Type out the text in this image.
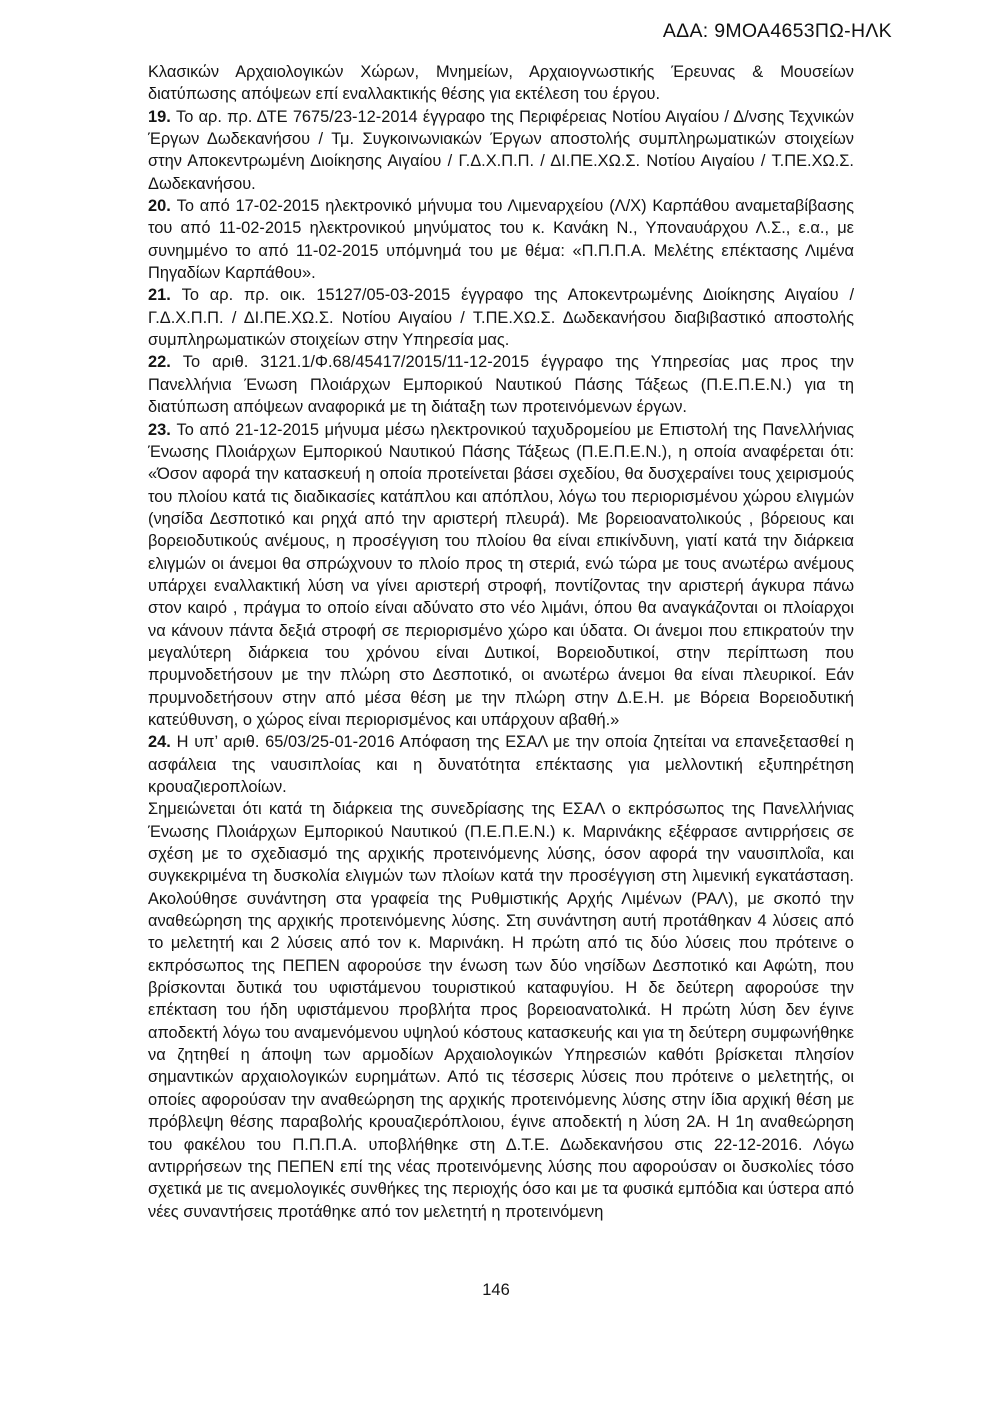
ΑΔΑ: 9ΜΟΑ4653ΠΩ-ΗΛΚ

Κλασικών Αρχαιολογικών Χώρων, Μνημείων, Αρχαιογνωστικής Έρευνας & Μουσείων διατύπωσης απόψεων επί εναλλακτικής θέσης για εκτέλεση του έργου.

19. Το αρ. πρ. ΔΤΕ 7675/23-12-2014 έγγραφο της Περιφέρειας Νοτίου Αιγαίου / Δ/νσης Τεχνικών Έργων Δωδεκανήσου / Τμ. Συγκοινωνιακών Έργων αποστολής συμπληρωματικών στοιχείων στην Αποκεντρωμένη Διοίκησης Αιγαίου / Γ.Δ.Χ.Π.Π. / ΔΙ.ΠΕ.ΧΩ.Σ. Νοτίου Αιγαίου / Τ.ΠΕ.ΧΩ.Σ. Δωδεκανήσου.

20. Το από 17-02-2015 ηλεκτρονικό μήνυμα του Λιμεναρχείου (Λ/Χ) Καρπάθου αναμεταβίβασης του από 11-02-2015 ηλεκτρονικού μηνύματος του κ. Κανάκη Ν., Υποναυάρχου Λ.Σ., ε.α., με συνημμένο το από 11-02-2015 υπόμνημά του με θέμα: «Π.Π.Π.Α. Μελέτης επέκτασης Λιμένα Πηγαδίων Καρπάθου».

21. Το αρ. πρ. οικ. 15127/05-03-2015 έγγραφο της Αποκεντρωμένης Διοίκησης Αιγαίου / Γ.Δ.Χ.Π.Π. / ΔΙ.ΠΕ.ΧΩ.Σ. Νοτίου Αιγαίου / Τ.ΠΕ.ΧΩ.Σ. Δωδεκανήσου διαβιβαστικό αποστολής συμπληρωματικών στοιχείων στην Υπηρεσία μας.

22. Το αριθ. 3121.1/Φ.68/45417/2015/11-12-2015 έγγραφο της Υπηρεσίας μας προς την Πανελλήνια Ένωση Πλοιάρχων Εμπορικού Ναυτικού Πάσης Τάξεως (Π.Ε.Π.Ε.Ν.) για τη διατύπωση απόψεων αναφορικά με τη διάταξη των προτεινόμενων έργων.

23. Το από 21-12-2015 μήνυμα μέσω ηλεκτρονικού ταχυδρομείου με Επιστολή της Πανελλήνιας Ένωσης Πλοιάρχων Εμπορικού Ναυτικού Πάσης Τάξεως (Π.Ε.Π.Ε.Ν.), η οποία αναφέρεται ότι: «Όσον αφορά την κατασκευή η οποία προτείνεται βάσει σχεδίου, θα δυσχεραίνει τους χειρισμούς του πλοίου κατά τις διαδικασίες κατάπλου και απόπλου, λόγω του περιορισμένου χώρου ελιγμών (νησίδα Δεσποτικό και ρηχά από την αριστερή πλευρά). Με βορειοανατολικούς , βόρειους και βορειοδυτικούς ανέμους, η προσέγγιση του πλοίου θα είναι επικίνδυνη, γιατί κατά την διάρκεια ελιγμών οι άνεμοι θα σπρώχνουν το πλοίο προς τη στεριά, ενώ τώρα με τους ανωτέρω ανέμους υπάρχει εναλλακτική λύση να γίνει αριστερή στροφή, ποντίζοντας την αριστερή άγκυρα πάνω στον καιρό , πράγμα το οποίο είναι αδύνατο στο νέο λιμάνι, όπου θα αναγκάζονται οι πλοίαρχοι να κάνουν πάντα δεξιά στροφή σε περιορισμένο χώρο και ύδατα. Οι άνεμοι που επικρατούν την μεγαλύτερη διάρκεια του χρόνου είναι Δυτικοί, Βορειοδυτικοί, στην περίπτωση που πρυμνοδετήσουν με την πλώρη στο Δεσποτικό, οι ανωτέρω άνεμοι θα είναι πλευρικοί. Εάν πρυμνοδετήσουν στην από μέσα θέση με την πλώρη στην Δ.Ε.Η. με Βόρεια Βορειοδυτική κατεύθυνση, ο χώρος είναι περιορισμένος και υπάρχουν αβαθή.»

24. Η υπ’ αριθ. 65/03/25-01-2016 Απόφαση της ΕΣΑΛ με την οποία ζητείται να επανεξετασθεί η ασφάλεια της ναυσιπλοίας και η δυνατότητα επέκτασης για μελλοντική εξυπηρέτηση κρουαζιεροπλοίων.

Σημειώνεται ότι κατά τη διάρκεια της συνεδρίασης της ΕΣΑΛ ο εκπρόσωπος της Πανελλήνιας Ένωσης Πλοιάρχων Εμπορικού Ναυτικού (Π.Ε.Π.Ε.Ν.) κ. Μαρινάκης εξέφρασε αντιρρήσεις σε σχέση με το σχεδιασμό της αρχικής προτεινόμενης λύσης, όσον αφορά την ναυσιπλοΐα, και συγκεκριμένα τη δυσκολία ελιγμών των πλοίων κατά την προσέγγιση στη λιμενική εγκατάσταση. Ακολούθησε συνάντηση στα γραφεία της Ρυθμιστικής Αρχής Λιμένων (ΡΑΛ), με σκοπό την αναθεώρηση της αρχικής προτεινόμενης λύσης. Στη συνάντηση αυτή προτάθηκαν 4 λύσεις από το μελετητή και 2 λύσεις από τον κ. Μαρινάκη. Η πρώτη από τις δύο λύσεις που πρότεινε ο εκπρόσωπος της ΠΕΠΕΝ αφορούσε την ένωση των δύο νησίδων Δεσποτικό και Αφώτη, που βρίσκονται δυτικά του υφιστάμενου τουριστικού καταφυγίου. Η δε δεύτερη αφορούσε την επέκταση του ήδη υφιστάμενου προβλήτα προς βορειοανατολικά. Η πρώτη λύση δεν έγινε αποδεκτή λόγω του αναμενόμενου υψηλού κόστους κατασκευής και για τη δεύτερη συμφωνήθηκε να ζητηθεί η άποψη των αρμοδίων Αρχαιολογικών Υπηρεσιών καθότι βρίσκεται πλησίον σημαντικών αρχαιολογικών ευρημάτων. Από τις τέσσερις λύσεις που πρότεινε ο μελετητής, οι οποίες αφορούσαν την αναθεώρηση της αρχικής προτεινόμενης λύσης στην ίδια αρχική θέση με πρόβλεψη θέσης παραβολής κρουαζιερόπλοιου, έγινε αποδεκτή η λύση 2Α. Η 1η αναθεώρηση του φακέλου του Π.Π.Π.Α. υποβλήθηκε στη Δ.Τ.Ε. Δωδεκανήσου στις 22-12-2016. Λόγω αντιρρήσεων της ΠΕΠΕΝ επί της νέας προτεινόμενης λύσης που αφορούσαν οι δυσκολίες τόσο σχετικά με τις ανεμολογικές συνθήκες της περιοχής όσο και με τα φυσικά εμπόδια και ύστερα από νέες συναντήσεις προτάθηκε από τον μελετητή η προτεινόμενη

146
